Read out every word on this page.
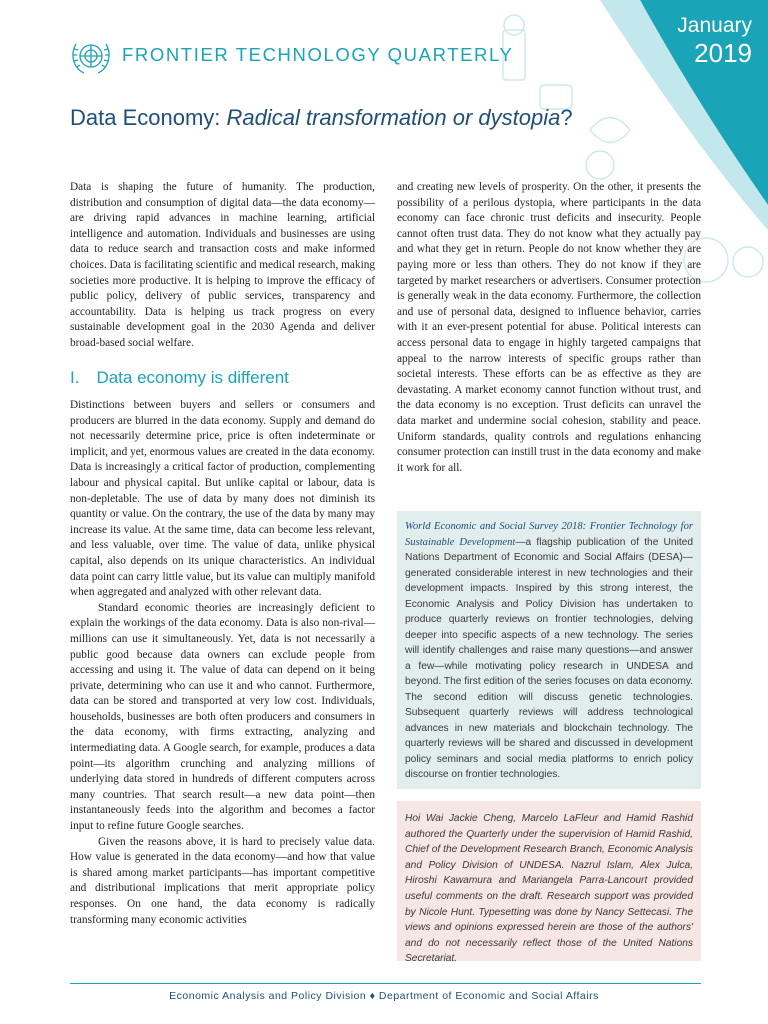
FRONTIER TECHNOLOGY QUARTERLY
January
2019
Data Economy: Radical transformation or dystopia?

Data is shaping the future of humanity. The production, distribution and consumption of digital data—the data economy—are driving rapid advances in machine learning, artificial intelligence and automation. Individuals and businesses are using data to reduce search and transaction costs and make informed choices. Data is facilitating scientific and medical research, making societies more productive. It is helping to improve the efficacy of public policy, delivery of public services, transparency and accountability. Data is helping us track progress on every sustainable development goal in the 2030 Agenda and deliver broad-based social welfare.

I. Data economy is different

Distinctions between buyers and sellers or consumers and producers are blurred in the data economy. Supply and demand do not necessarily determine price, price is often indeterminate or implicit, and yet, enormous values are created in the data economy. Data is increasingly a critical factor of production, complementing labour and physical capital. But unlike capital or labour, data is non-depletable. The use of data by many does not diminish its quantity or value. On the contrary, the use of the data by many may increase its value. At the same time, data can become less relevant, and less valuable, over time. The value of data, unlike physical capital, also depends on its unique characteristics. An individual data point can carry little value, but its value can multiply manifold when aggregated and analyzed with other relevant data.

Standard economic theories are increasingly deficient to explain the workings of the data economy. Data is also non-rival—millions can use it simultaneously. Yet, data is not necessarily a public good because data owners can exclude people from accessing and using it. The value of data can depend on it being private, determining who can use it and who cannot. Furthermore, data can be stored and transported at very low cost. Individuals, households, businesses are both often producers and consumers in the data economy, with firms extracting, analyzing and intermediating data. A Google search, for example, produces a data point—its algorithm crunching and analyzing millions of underlying data stored in hundreds of different computers across many countries. That search result—a new data point—then instantaneously feeds into the algorithm and becomes a factor input to refine future Google searches.

Given the reasons above, it is hard to precisely value data. How value is generated in the data economy—and how that value is shared among market participants—has important competitive and distributional implications that merit appropriate policy responses. On one hand, the data economy is radically transforming many economic activities

and creating new levels of prosperity. On the other, it presents the possibility of a perilous dystopia, where participants in the data economy can face chronic trust deficits and insecurity. People cannot often trust data. They do not know what they actually pay and what they get in return. People do not know whether they are paying more or less than others. They do not know if they are targeted by market researchers or advertisers. Consumer protection is generally weak in the data economy. Furthermore, the collection and use of personal data, designed to influence behavior, carries with it an ever-present potential for abuse. Political interests can access personal data to engage in highly targeted campaigns that appeal to the narrow interests of specific groups rather than societal interests. These efforts can be as effective as they are devastating. A market economy cannot function without trust, and the data economy is no exception. Trust deficits can unravel the data market and undermine social cohesion, stability and peace. Uniform standards, quality controls and regulations enhancing consumer protection can instill trust in the data economy and make it work for all.

World Economic and Social Survey 2018: Frontier Technology for Sustainable Development—a flagship publication of the United Nations Department of Economic and Social Affairs (DESA)—generated considerable interest in new technologies and their development impacts. Inspired by this strong interest, the Economic Analysis and Policy Division has undertaken to produce quarterly reviews on frontier technologies, delving deeper into specific aspects of a new technology. The series will identify challenges and raise many questions—and answer a few—while motivating policy research in UNDESA and beyond. The first edition of the series focuses on data economy. The second edition will discuss genetic technologies. Subsequent quarterly reviews will address technological advances in new materials and blockchain technology. The quarterly reviews will be shared and discussed in development policy seminars and social media platforms to enrich policy discourse on frontier technologies.
Hoi Wai Jackie Cheng, Marcelo LaFleur and Hamid Rashid authored the Quarterly under the supervision of Hamid Rashid, Chief of the Development Research Branch, Economic Analysis and Policy Division of UNDESA. Nazrul Islam, Alex Julca, Hiroshi Kawamura and Mariangela Parra-Lancourt provided useful comments on the draft. Research support was provided by Nicole Hunt. Typesetting was done by Nancy Settecasi. The views and opinions expressed herein are those of the authors' and do not necessarily reflect those of the United Nations Secretariat.
Economic Analysis and Policy Division ♦ Department of Economic and Social Affairs
